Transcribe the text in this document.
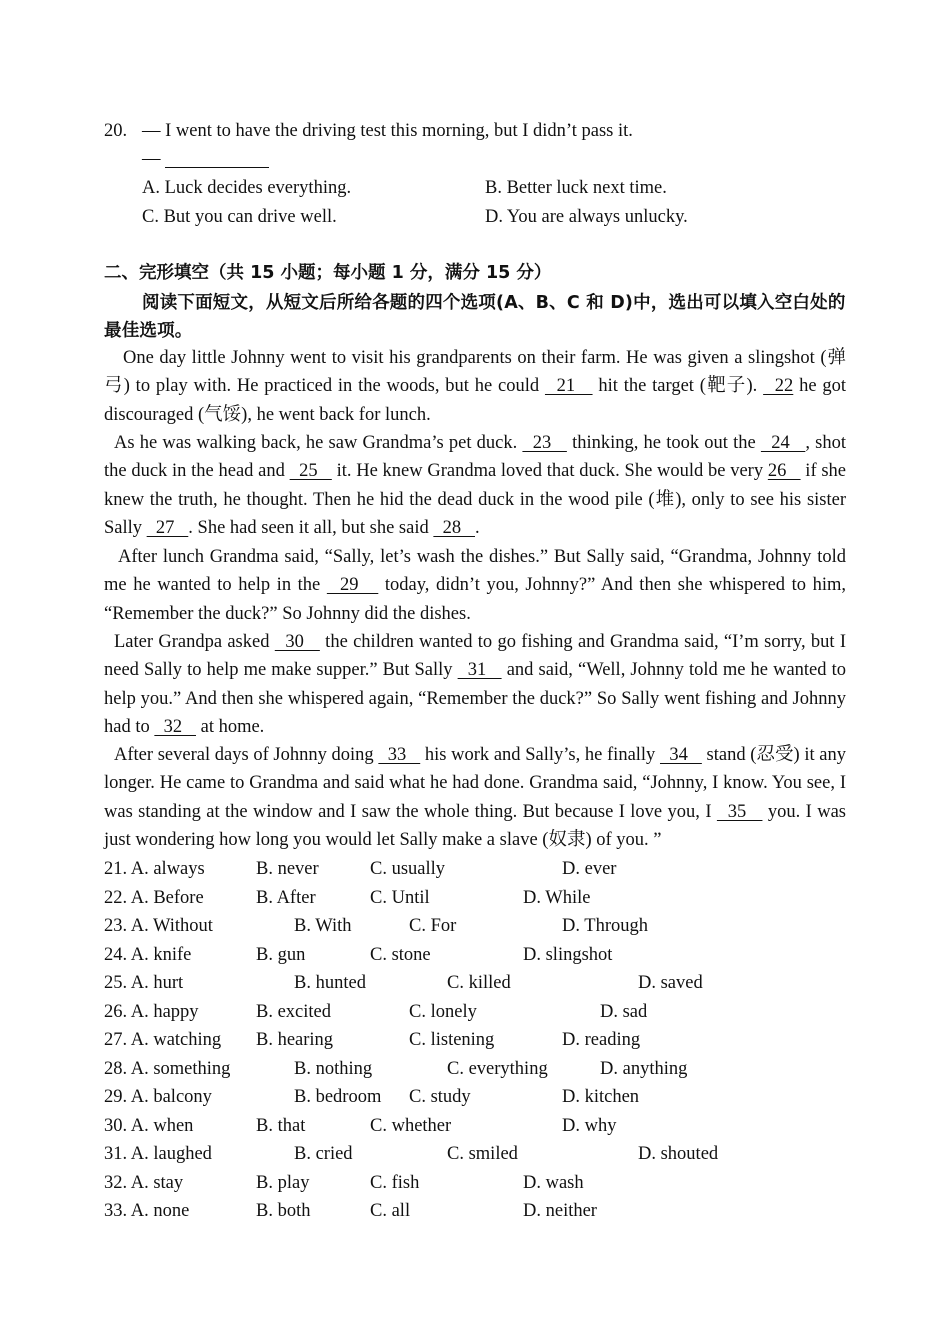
20. — I went to have the driving test this morning, but I didn’t pass it.
—
A. Luck decides everything.	B. Better luck next time.
C. But you can drive well.	D. You are always unlucky.
二、完形填空（共 15 小题；每小题 1 分，满分 15 分）
阅读下面短文，从短文后所给各题的四个选项(A、B、C 和 D)中，选出可以填入空白处的最佳选项。
One day little Johnny went to visit his grandparents on their farm. He was given a slingshot (弹弓) to play with. He practiced in the woods, but he could   21    hit the target (靶子).   22 he got discouraged (气馁), he went back for lunch.
As he was walking back, he saw Grandma’s pet duck.   23    thinking, he took out the   24   , shot the duck in the head and   25    it. He knew Grandma loved that duck. She would be very 26    if she knew the truth, he thought. Then he hid the dead duck in the wood pile (堆), only to see his sister Sally   27   . She had seen it all, but she said   28   .
After lunch Grandma said, “Sally, let’s wash the dishes.” But Sally said, “Grandma, Johnny told me he wanted to help in the   29    today, didn’t you, Johnny?” And then she whispered to him, “Remember the duck?” So Johnny did the dishes.
Later Grandpa asked   30    the children wanted to go fishing and Grandma said, “I’m sorry, but I need Sally to help me make supper.” But Sally   31    and said, “Well, Johnny told me he wanted to help you.” And then she whispered again, “Remember the duck?” So Sally went fishing and Johnny had to   32    at home.
After several days of Johnny doing   33    his work and Sally’s, he finally   34    stand (忍受) it any longer. He came to Grandma and said what he had done. Grandma said, “Johnny, I know. You see, I was standing at the window and I saw the whole thing. But because I love you, I   35    you. I was just wondering how long you would let Sally make a slave (奴隶) of you. ”
21. A. always	B. never	C. usually	D. ever
22. A. Before	B. After	C. Until	D. While
23. A. Without	B. With	C. For	D. Through
24. A. knife	B. gun	C. stone	D. slingshot
25. A. hurt	B. hunted	C. killed	D. saved
26. A. happy	B. excited	C. lonely	D. sad
27. A. watching B. hearing	C. listening	D. reading
28. A. something	B. nothing	C. everything	D. anything
29. A. balcony	B. bedroom C. study	D. kitchen
30. A. when	B. that	C. whether	D. why
31. A. laughed	B. cried	C. smiled	D. shouted
32. A. stay	B. play	C. fish	D. wash
33. A. none	B. both	C. all	D. neither
